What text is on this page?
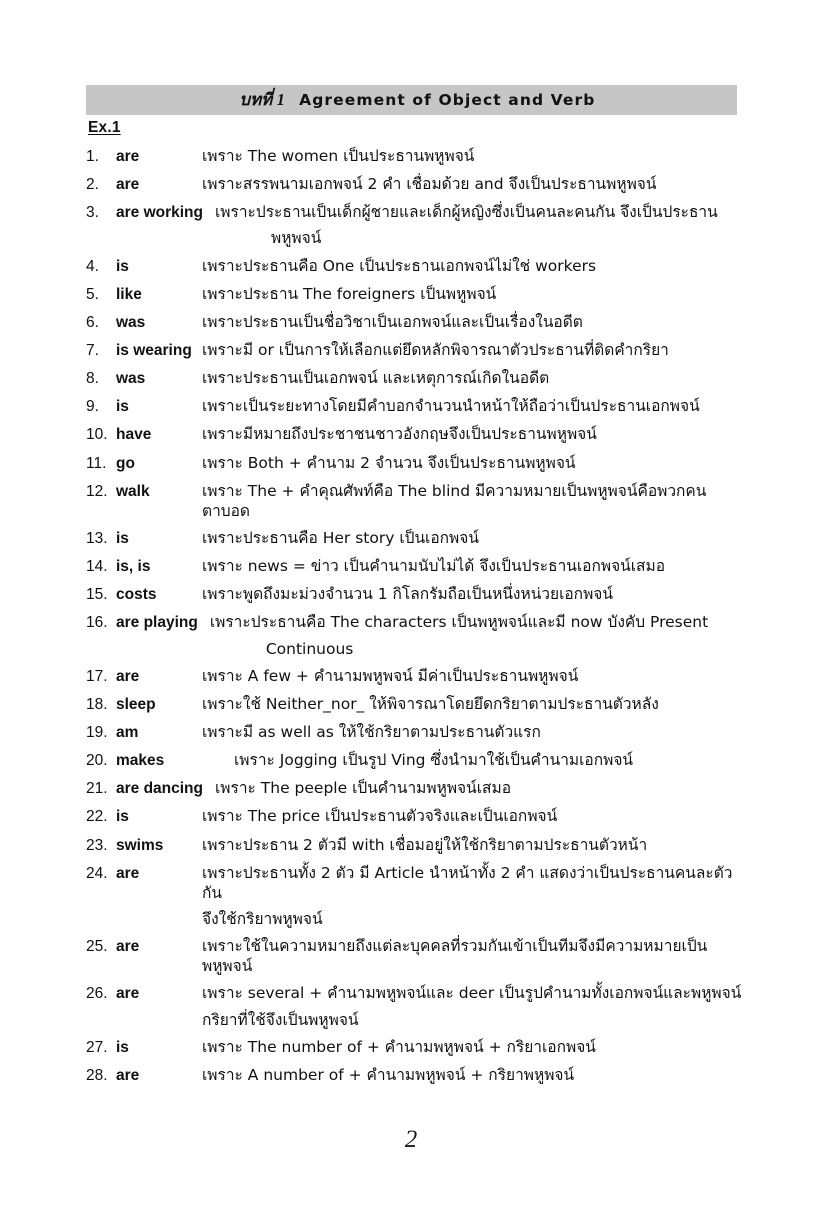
บทที่ 1 Agreement of Object and Verb
Ex.1
1.	are	เพราะ The women เป็นประธานพหูพจน์
2.	are	เพราะสรรพนามเอกพจน์ 2 คำ เชื่อมด้วย and จึงเป็นประธานพหูพจน์
3.	are working เพราะประธานเป็นเด็กผู้ชายและเด็กผู้หญิงซึ่งเป็นคนละคนกัน จึงเป็นประธาน
พหูพจน์
4.	is	เพราะประธานคือ One เป็นประธานเอกพจน์ไม่ใช่ workers
5.	like	เพราะประธาน The foreigners เป็นพหูพจน์
6.	was	เพราะประธานเป็นชื่อวิชาเป็นเอกพจน์และเป็นเรื่องในอดีต
7.	is wearing เพราะมี or เป็นการให้เลือกแต่ยึดหลักพิจารณาตัวประธานที่ติดคำกริยา
8.	was	เพราะประธานเป็นเอกพจน์ และเหตุการณ์เกิดในอดีต
9.	is	เพราะเป็นระยะทางโดยมีคำบอกจำนวนนำหน้าให้ถือว่าเป็นประธานเอกพจน์
10. have	เพราะมีหมายถึงประชาชนชาวอังกฤษจึงเป็นประธานพหูพจน์
11. go	เพราะ Both + คำนาม 2 จำนวน จึงเป็นประธานพหูพจน์
12. walk	เพราะ The + คำคุณศัพท์คือ The blind มีความหมายเป็นพหูพจน์คือพวกคนตาบอด
13. is	เพราะประธานคือ Her story เป็นเอกพจน์
14. is, is	เพราะ news = ข่าว เป็นคำนามนับไม่ได้ จึงเป็นประธานเอกพจน์เสมอ
15. costs	เพราะพูดถึงมะม่วงจำนวน 1 กิโลกรัมถือเป็นหนึ่งหน่วยเอกพจน์
16. are playing เพราะประธานคือ The characters เป็นพหูพจน์และมี now บังคับ Present
Continuous
17. are	เพราะ A few + คำนามพหูพจน์ มีค่าเป็นประธานพหูพจน์
18. sleep	เพราะใช้ Neither_nor_ ให้พิจารณาโดยยึดกริยาตามประธานตัวหลัง
19. am	เพราะมี as well as ให้ใช้กริยาตามประธานตัวแรก
20. makes	เพราะ Jogging เป็นรูป Ving ซึ่งนำมาใช้เป็นคำนามเอกพจน์
21. are dancing เพราะ The peeple เป็นคำนามพหูพจน์เสมอ
22. is	เพราะ The price เป็นประธานตัวจริงและเป็นเอกพจน์
23. swims	เพราะประธาน 2 ตัวมี with เชื่อมอยู่ให้ใช้กริยาตามประธานตัวหน้า
24. are	เพราะประธานทั้ง 2 ตัว มี Article นำหน้าทั้ง 2 คำ แสดงว่าเป็นประธานคนละตัวกัน
จึงใช้กริยาพหูพจน์
25. are	เพราะใช้ในความหมายถึงแต่ละบุคคลที่รวมกันเข้าเป็นทีมจึงมีความหมายเป็นพหูพจน์
26. are	เพราะ several + คำนามพหูพจน์และ deer เป็นรูปคำนามทั้งเอกพจน์และพหูพจน์
กริยาที่ใช้จึงเป็นพหูพจน์
27. is	เพราะ The number of + คำนามพหูพจน์ + กริยาเอกพจน์
28. are	เพราะ A number of + คำนามพหูพจน์ + กริยาพหูพจน์
2
